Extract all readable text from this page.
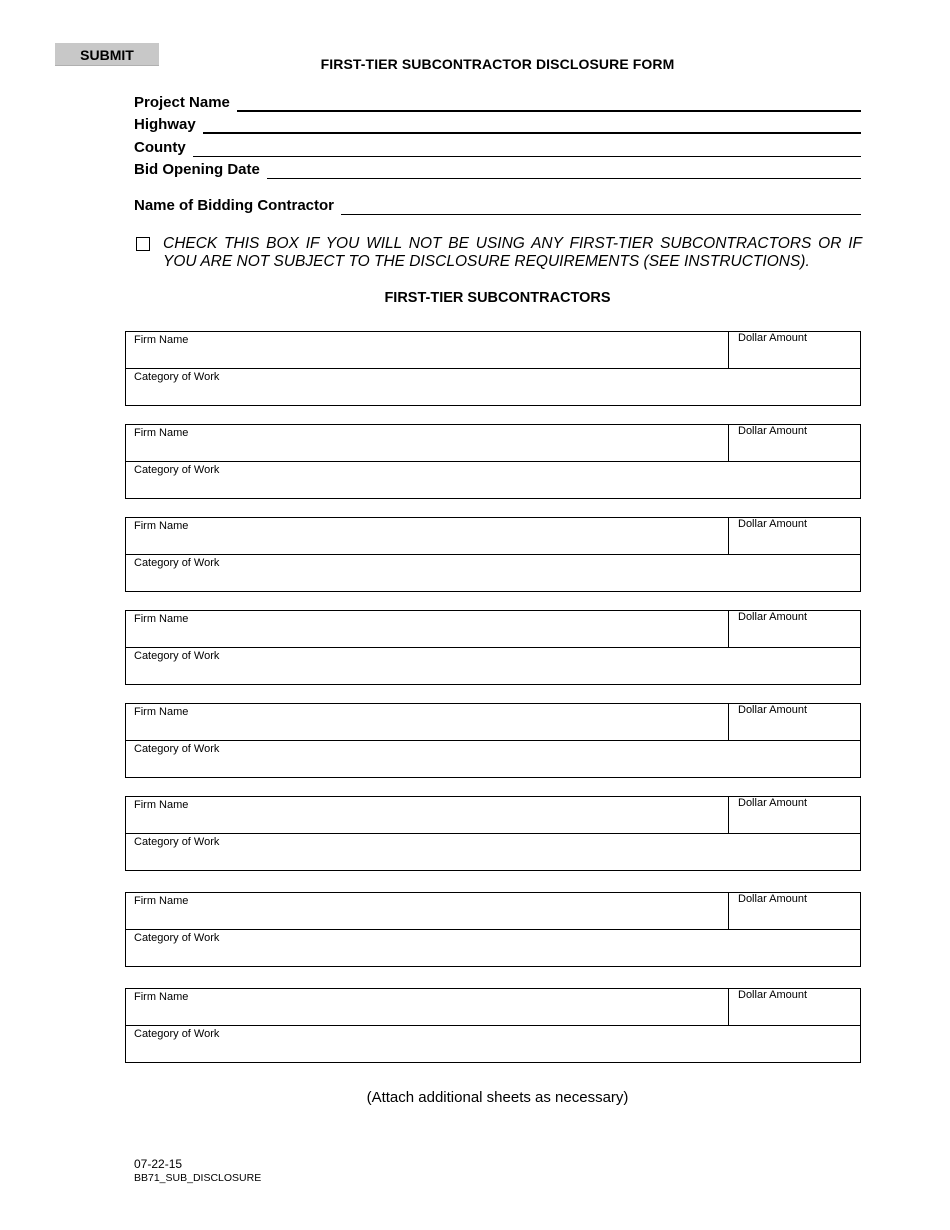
SUBMIT
FIRST-TIER SUBCONTRACTOR DISCLOSURE FORM
Project Name
Highway
County
Bid Opening Date
Name of Bidding Contractor
CHECK THIS BOX IF YOU WILL NOT BE USING ANY FIRST-TIER SUBCONTRACTORS OR IF YOU ARE NOT SUBJECT TO THE DISCLOSURE REQUIREMENTS (SEE INSTRUCTIONS).
FIRST-TIER SUBCONTRACTORS
Firm Name	Dollar Amount
Category of Work
Firm Name	Dollar Amount
Category of Work
Firm Name	Dollar Amount
Category of Work
Firm Name	Dollar Amount
Category of Work
Firm Name	Dollar Amount
Category of Work
Firm Name	Dollar Amount
Category of Work
Firm Name	Dollar Amount
Category of Work
Firm Name	Dollar Amount
Category of Work
(Attach additional sheets as necessary)
07-22-15
BB71_SUB_DISCLOSURE
